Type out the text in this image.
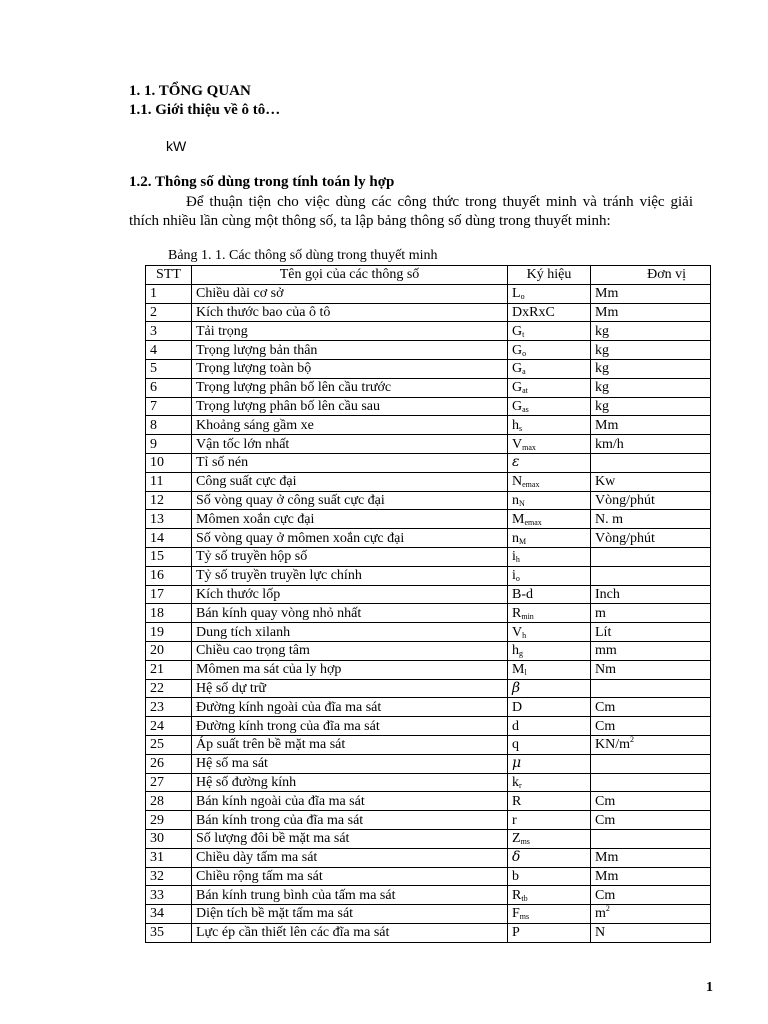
1. 1. TỔNG QUAN
1.1. Giới thiệu về ô tô…
kW
1.2. Thông số dùng trong tính toán ly hợp
Để thuận tiện cho việc dùng các công thức trong thuyết minh và tránh việc giải thích nhiều lần cùng một thông số, ta lập bảng thông số dùng trong thuyết minh:
Bảng 1. 1. Các thông số dùng trong thuyết minh
STT	Tên gọi của các thông số	Ký hiệu	Đơn vị
1	Chiều dài cơ sở	$L_o$	Mm
2	Kích thước bao của ô tô	DxRxC	Mm
3	Tải trọng	$G_t$	kg
4	Trọng lượng bản thân	$G_o$	kg
5	Trọng lượng toàn bộ	$G_a$	kg
6	Trọng lượng phân bố lên cầu trước	$G_{at}$	kg
7	Trọng lượng phân bố lên cầu sau	$G_{as}$	kg
8	Khoảng sáng gầm xe	$h_s$	Mm
9	Vận tốc lớn nhất	$V_{max}$	km/h
10	Tỉ số nén	ε	
11	Công suất cực đại	$N_{emax}$	Kw
12	Số vòng quay ở công suất cực đại	$n_N$	Vòng/phút
13	Mômen xoắn cực đại	$M_{emax}$	N. m
14	Số vòng quay ở mômen xoắn cực đại	$n_M$	Vòng/phút
15	Tỷ số truyền hộp số	$i_h$	
16	Tỷ số truyền truyền lực chính	$i_o$	
17	Kích thước lốp	B-d	Inch
18	Bán kính quay vòng nhỏ nhất	$R_{min}$	m
19	Dung tích xilanh	$V_h$	Lít
20	Chiều cao trọng tâm	$h_g$	mm
21	Mômen ma sát của ly hợp	$M_l$	Nm
22	Hệ số dự trữ	β	
23	Đường kính ngoài của đĩa ma sát	D	Cm
24	Đường kính trong của đĩa ma sát	d	Cm
25	Áp suất trên bề mặt ma sát	q	$KN/m^2$
26	Hệ số ma sát	μ	
27	Hệ số đường kính	$k_r$	
28	Bán kính ngoài của đĩa ma sát	R	Cm
29	Bán kính trong của đĩa ma sát	r	Cm
30	Số lượng đôi bề mặt ma sát	$Z_{ms}$	
31	Chiều dày tấm ma sát	δ	Mm
32	Chiều rộng tấm ma sát	b	Mm
33	Bán kính trung bình của tấm ma sát	$R_{tb}$	Cm
34	Diện tích bề mặt tấm ma sát	$F_{ms}$	$m^2$
35	Lực ép cần thiết lên các đĩa ma sát	P	N
1
